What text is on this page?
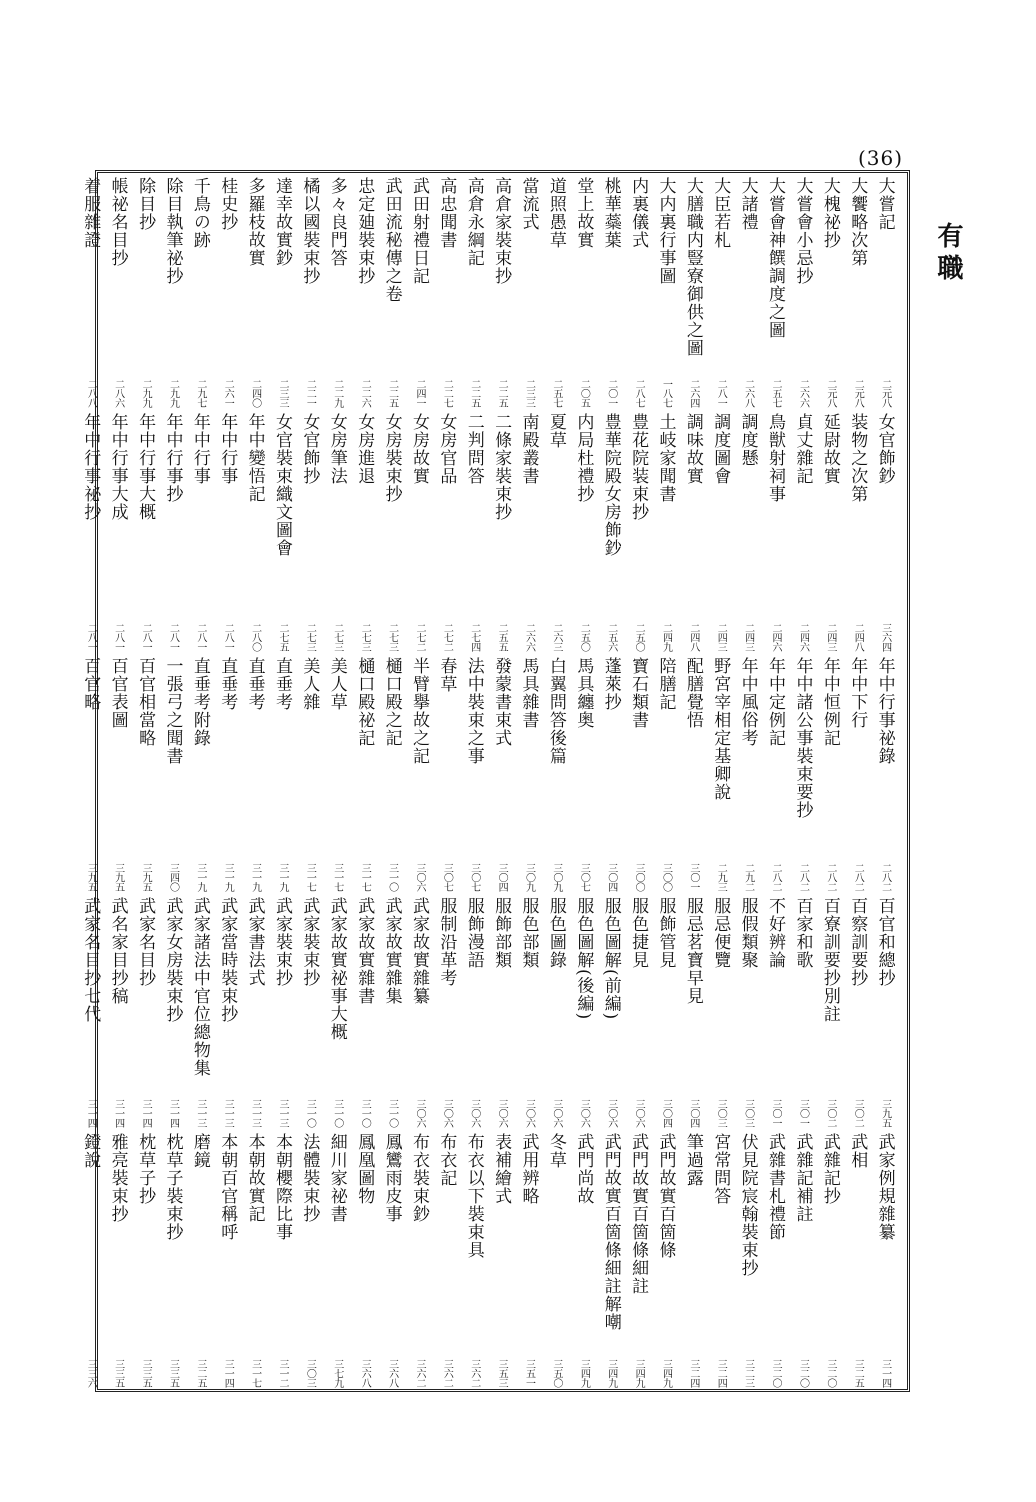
(36)
有職
大嘗記
二元八
大饗略次第
二元八
大槐祕抄
二元八
大嘗會小忌抄
二六六
大嘗會神饌調度之圖
二五七
大諸禮
二六八
大臣若札
二八一
大膳職内豎寮御供之圖
二六四
大内裏行事圖
一八七
内裏儀式
二八七
桃華蘂葉
二〇一
堂上故實
二〇五
道照愚草
二五七
當流式
二三三
高倉家裝束抄
二二五
高倉永綱記
二二五
高忠聞書
二二七
武田射禮日記
二四一
武田流秘傳之卷
二二五
忠定廸裝束抄
二二六
多々良門答
二二九
橘以國裝束抄
二二一
達幸故實鈔
二三三
多羅枝故實
二四〇
桂史抄
二六一
千鳥の跡
二九七
除目執筆祕抄
二九九
除目抄
二九九
帳祕名目抄
二八六
着服雜證
二八八
女官飾鈔
三六四
装物之次第
二四八
延尉故實
二四三
貞丈雜記
二四六
鳥獣射祠事
二四六
調度懸
二四三
調度圖會
二四三
調味故實
二四八
土岐家聞書
二四九
豊花院装束抄
二五〇
豊華院殿女房飾鈔
二五六
内局杜禮抄
二五〇
夏草
二六三
南殿叢書
二六六
二條家裝束抄
二五五
二判問答
二七四
女房官品
二七二
女房故實
二七二
女房裝束抄
二七三
女房進退
二七三
女房筆法
二七三
女官飾抄
二七三
女官裝束織文圖會
二七五
年中變悟記
二八〇
年中行事
二八一
年中行事
二八一
年中行事抄
二八一
年中行事大概
二八一
年中行事大成
二八一
年中行事祕抄
二八一
年中行事祕錄
二八二
年中下行
二八二
年中恒例記
二八二
年中諸公事裝束要抄
二八二
年中定例記
二八二
年中風俗考
二九二
野宮宰相定基卿說
二九三
配膳覺悟
三〇一
陪膳記
三〇〇
寶石類書
三〇〇
蓬萊抄
三〇四
馬具纏奥
三〇七
白翼問答後篇
三〇九
馬具雜書
三〇九
發蒙書束式
三〇四
法中裝束之事
三〇七
春草
三〇七
半臂擧故之記
三〇六
樋口殿之記
三一〇
樋口殿祕記
三一七
美人草
三一七
美人雜
三一七
直垂考
三一九
直垂考
三一九
直垂考
三一九
直垂考附錄
三一九
一張弓之聞書
三四〇
百官相當略
三九五
百官表圖
三九五
百官略
三九五
百官和總抄
三九五
百察訓要抄
三〇二
百寮訓要抄別註
三〇二
百家和歌
三〇一
不好辨論
三〇一
服假類聚
三〇三
服忌便覽
三〇三
服忌茗寶早見
三〇四
服飾管見
三〇四
服色捷見
三〇六
服色圖解(前編)
三〇六
服色圖解(後編)
三〇六
服色圖錄
三〇六
服色部類
三〇六
服飾部類
三〇六
服飾漫語
三〇六
服制沿革考
三〇六
武家故實雜纂
三〇六
武家故實雜集
三一〇
武家故實雜書
三一〇
武家故實祕事大概
三一〇
武家裝束抄
三一〇
武家裝束抄
三一三
武家書法式
三一三
武家當時裝束抄
三一三
武家諸法中官位總物集
三一三
武家女房裝束抄
三一四
武家名目抄
三一四
武名家目抄稿
三一四
武家名目抄七代
三一四
武家例規雜纂
三一四
武相
三二五
武雜記抄
三二〇
武雜記補註
三二〇
武雜書札禮節
三二〇
伏見院宸翰裝束抄
三二三
宮常問答
三二四
筆過露
三二四
武門故實百箇條
三四九
武門故實百箇條細註
三四九
武門故實百箇條細註解嘲
三四九
武門尚故
三四九
冬草
三五〇
武用辨略
三五一
表補繪式
三五三
布衣以下裝束具
三六二
布衣記
三六二
布衣裝束鈔
三六二
鳳鸞雨皮事
三六八
鳳凰圖物
三六八
細川家祕書
三七九
法體裝束抄
三〇三
本朝櫻際比事
三一二
本朝故實記
三一七
本朝百官稱呼
三一四
磨鏡
三二五
枕草子裝束抄
三三五
枕草子抄
三三五
雅亮裝束抄
三三五
鐙說
三三六
